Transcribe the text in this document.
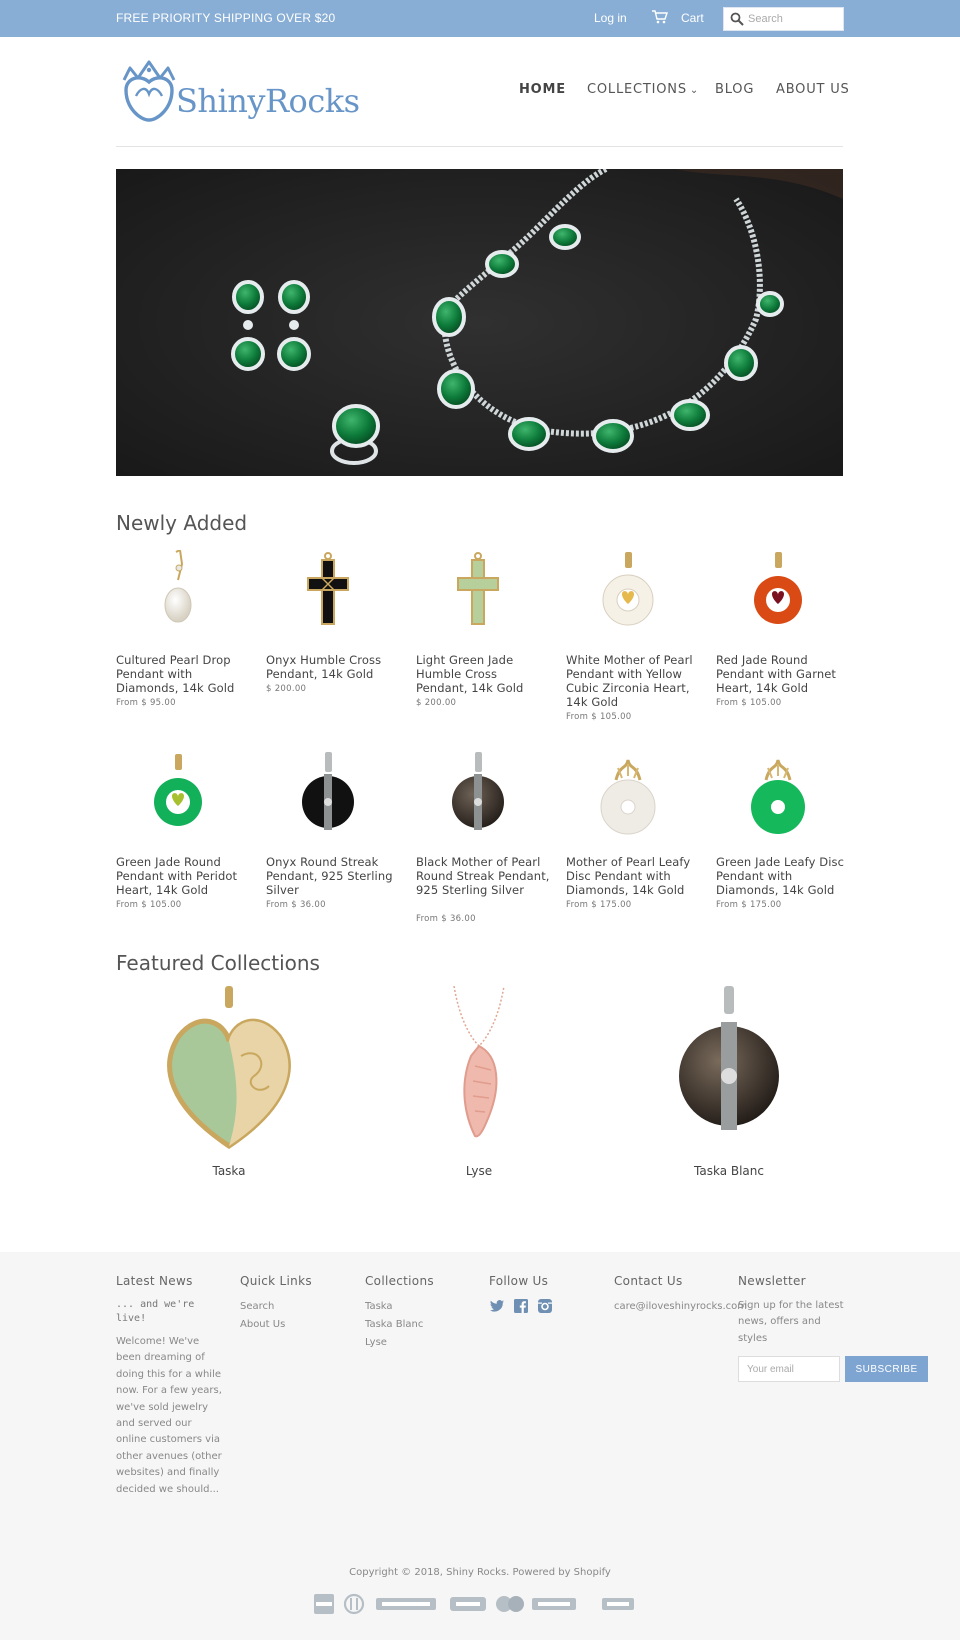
FREE PRIORITY SHIPPING OVER $20	Log in	Cart
Search
ShinyRocks	HOME COLLECTIONS ⌄	BLOG ABOUT US
Newly Added
Cultured Pearl Drop Pendant with Diamonds, 14k Gold
From $ 95.00
Onyx Humble Cross Pendant, 14k Gold
$ 200.00
Light Green Jade Humble Cross Pendant, 14k Gold
$ 200.00
White Mother of Pearl Pendant with Yellow Cubic Zirconia Heart, 14k Gold
From $ 105.00
Red Jade Round Pendant with Garnet Heart, 14k Gold
From $ 105.00
Green Jade Round Pendant with Peridot Heart, 14k Gold
From $ 105.00
Onyx Round Streak Pendant, 925 Sterling Silver
From $ 36.00
Black Mother of Pearl Round Streak Pendant, 925 Sterling Silver
From $ 36.00
Mother of Pearl Leafy Disc Pendant with Diamonds, 14k Gold
From $ 175.00
Green Jade Leafy Disc Pendant with Diamonds, 14k Gold
From $ 175.00
Featured Collections
Taska	Lyse	Taska Blanc
Latest News
... and we're live!
Welcome! We've been dreaming of doing this for a while now. For a few years, we've sold jewelry and served our online customers via other avenues (other websites) and finally decided we should...
Quick Links
Search
About Us
Collections
Taska
Taska Blanc
Lyse
Follow Us	Contact Us
care@iloveshinyrocks.com
Newsletter
Sign up for the latest news, offers and styles
Your email SUBSCRIBE
Copyright © 2018, Shiny Rocks. Powered by Shopify
